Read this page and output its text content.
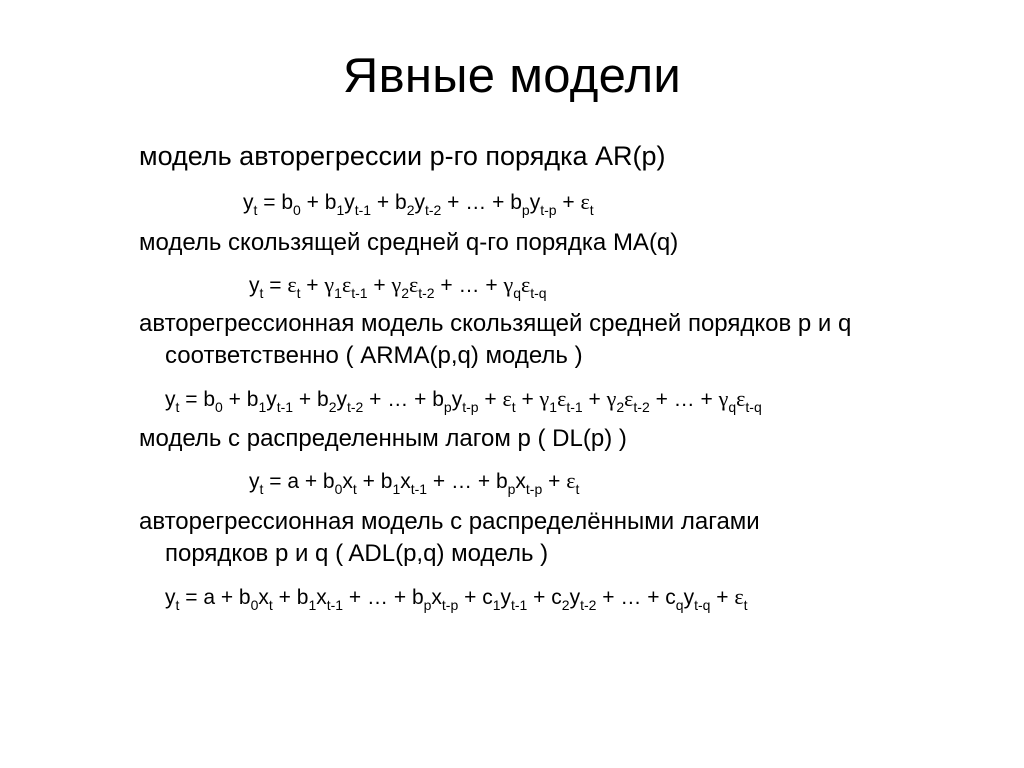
Явные модели
модель авторегрессии p-го порядка AR(p)
$y_t = b_0 + b_1y_{t-1} + b_2y_{t-2}$ + … + $b_py_{t-p} + \varepsilon_t$
модель скользящей средней q-го порядка MA(q)
$y_t = \varepsilon_t + \gamma_1\varepsilon_{t-1} + \gamma_2\varepsilon_{t-2}$ + … + $\gamma_q\varepsilon_{t-q}$
авторегрессионная модель скользящей средней порядков p и q
соответственно ( ARMA(p,q) модель )
$y_t = b_0 + b_1y_{t-1} + b_2y_{t-2}$ + … + $b_py_{t-p} + \varepsilon_t + \gamma_1\varepsilon_{t-1} + \gamma_2\varepsilon_{t-2}$ + … + $\gamma_q\varepsilon_{t-q}$
модель с распределенным лагом p ( DL(p) )
$y_t = a + b_0x_t + b_1x_{t-1}$ + … + $b_px_{t-p} + \varepsilon_t$
авторегрессионная модель с распределёнными лагами
порядков p и q ( ADL(p,q) модель )
$y_t = a + b_0x_t + b_1x_{t-1}$ + … + $b_px_{t-p} + c_1y_{t-1} + c_2y_{t-2}$ + … + $c_qy_{t-q} + \varepsilon_t$
